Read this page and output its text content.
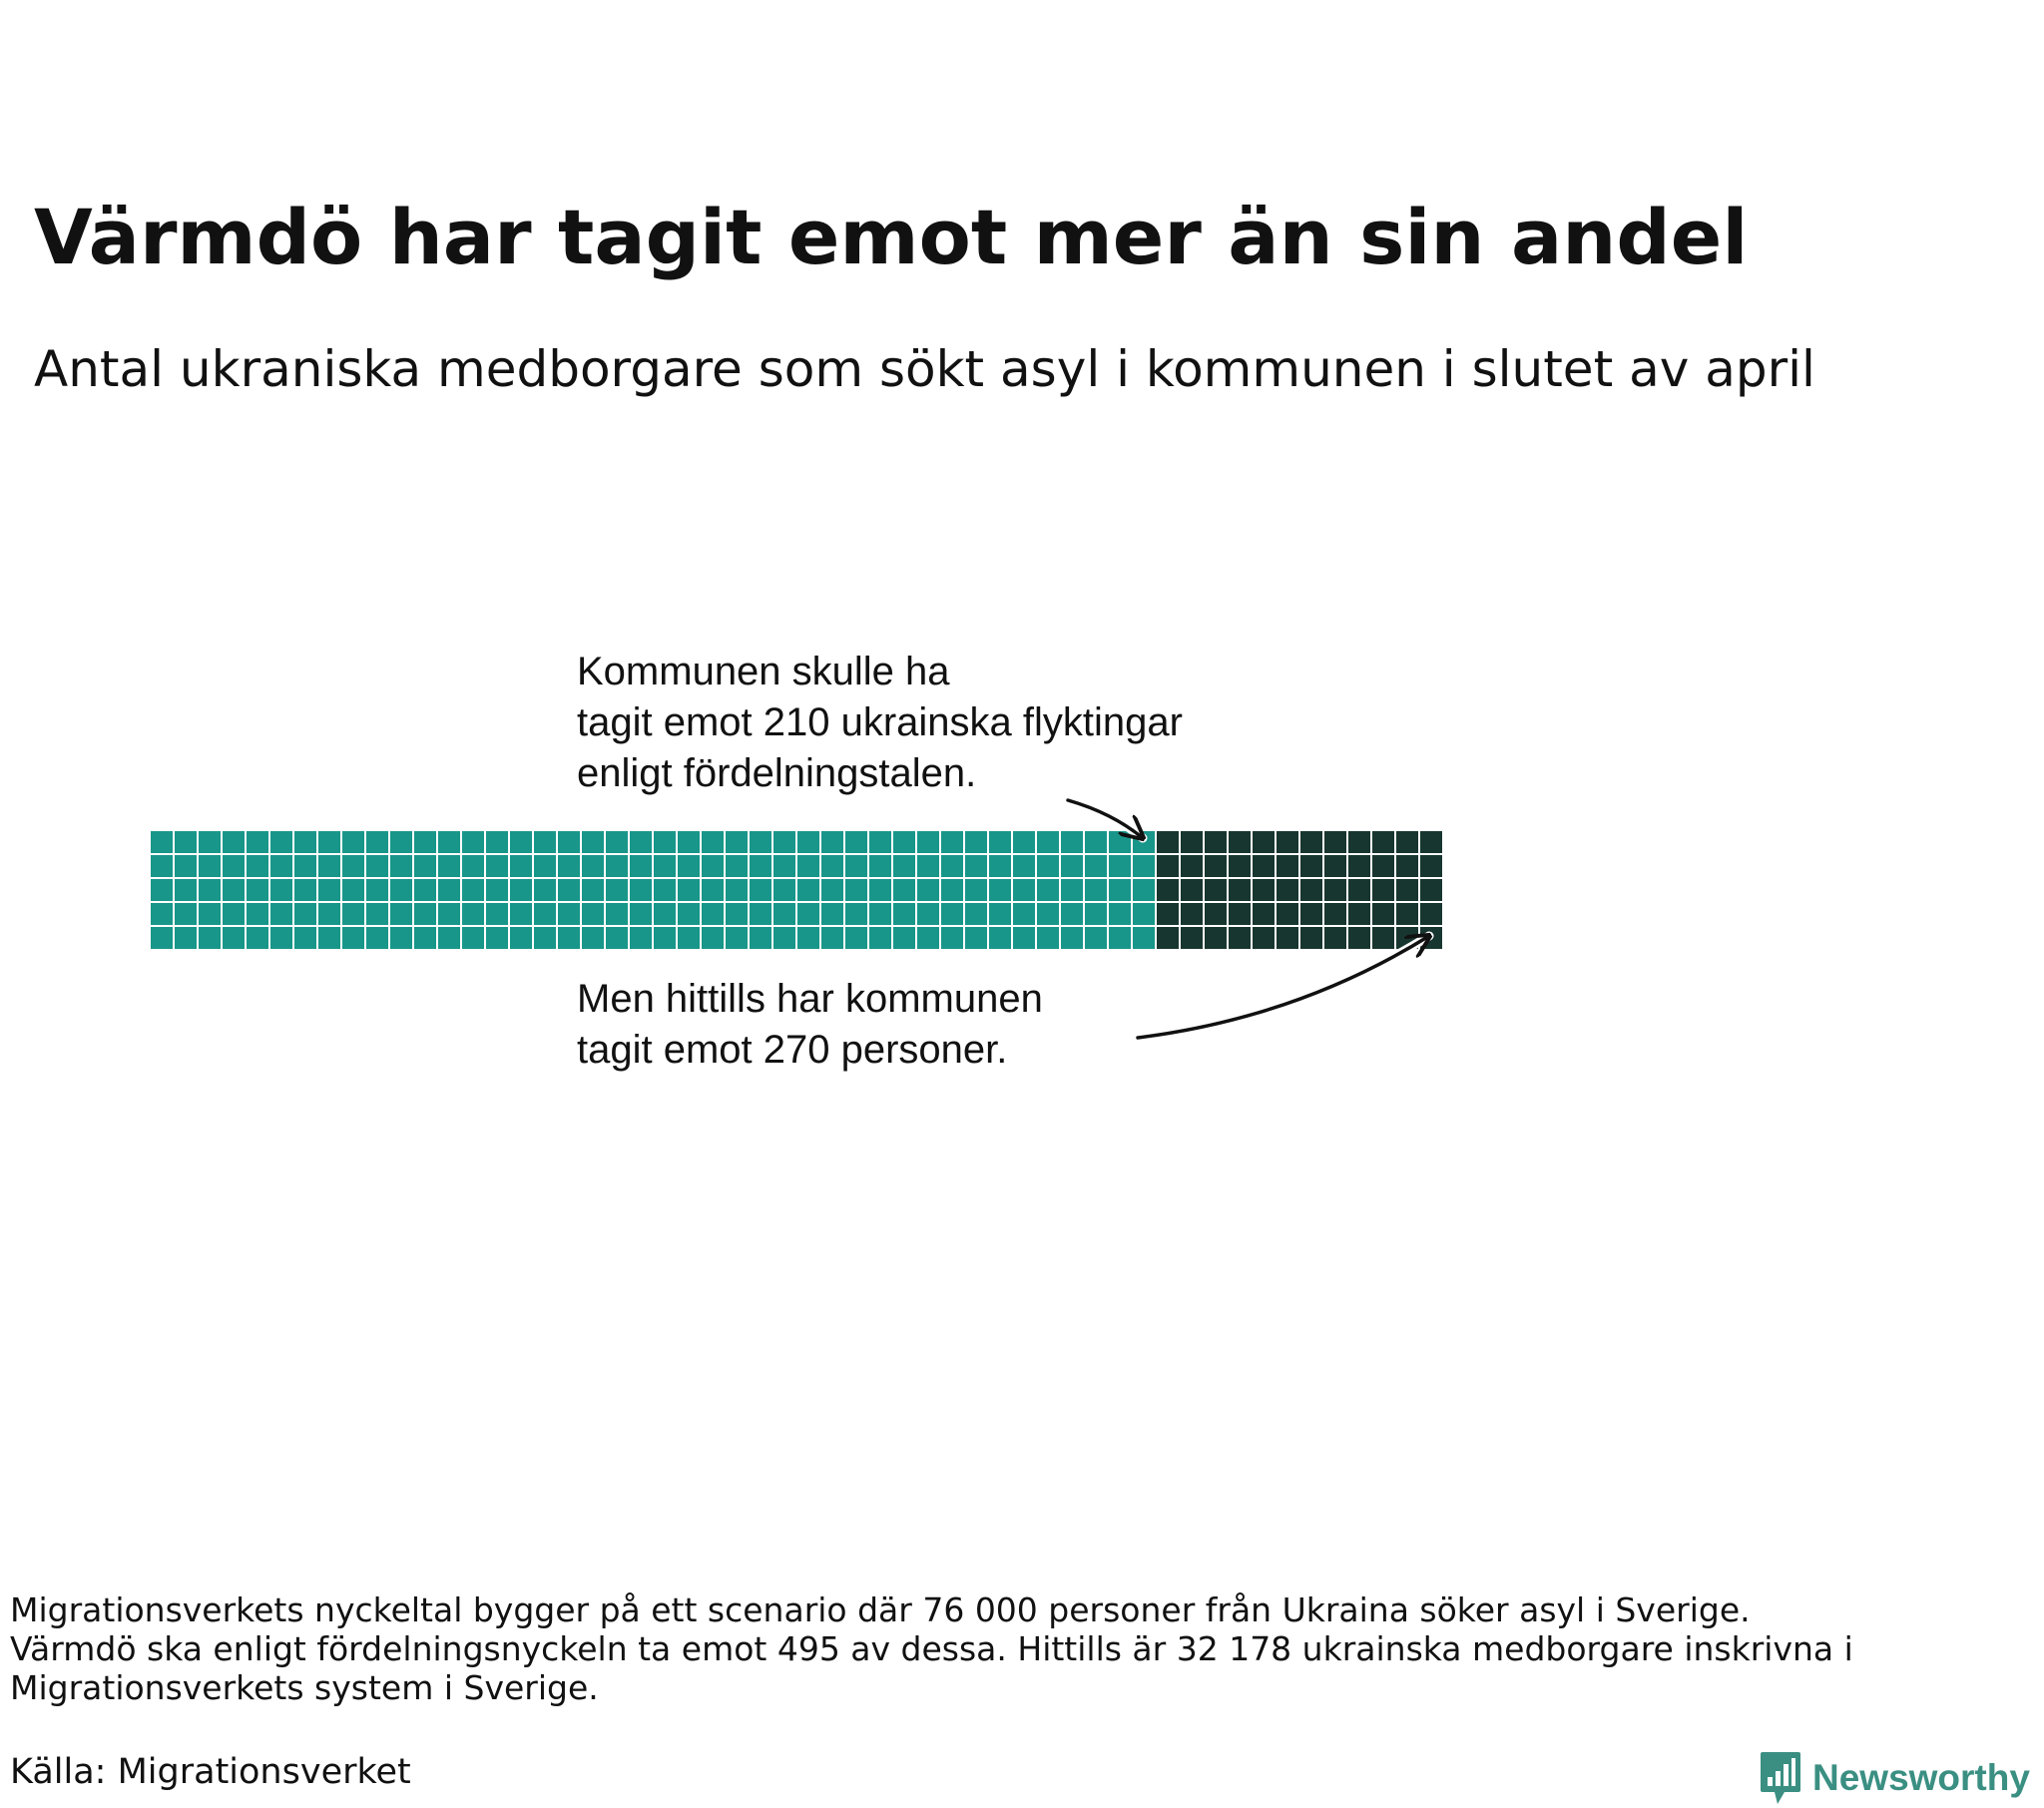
Värmdö har tagit emot mer än sin andel

Antal ukraniska medborgare som sökt asyl i kommunen i slutet av april

Kommunen skulle ha
tagit emot 210 ukrainska flyktingar
enligt fördelningstalen.
Men hittills har kommunen
tagit emot 270 personer.
Migrationsverkets nyckeltal bygger på ett scenario där 76 000 personer från Ukraina söker asyl i Sverige.
Värmdö ska enligt fördelningsnyckeln ta emot 495 av dessa. Hittills är 32 178 ukrainska medborgare inskrivna i
Migrationsverkets system i Sverige.
Källa: Migrationsverket	Newsworthy
